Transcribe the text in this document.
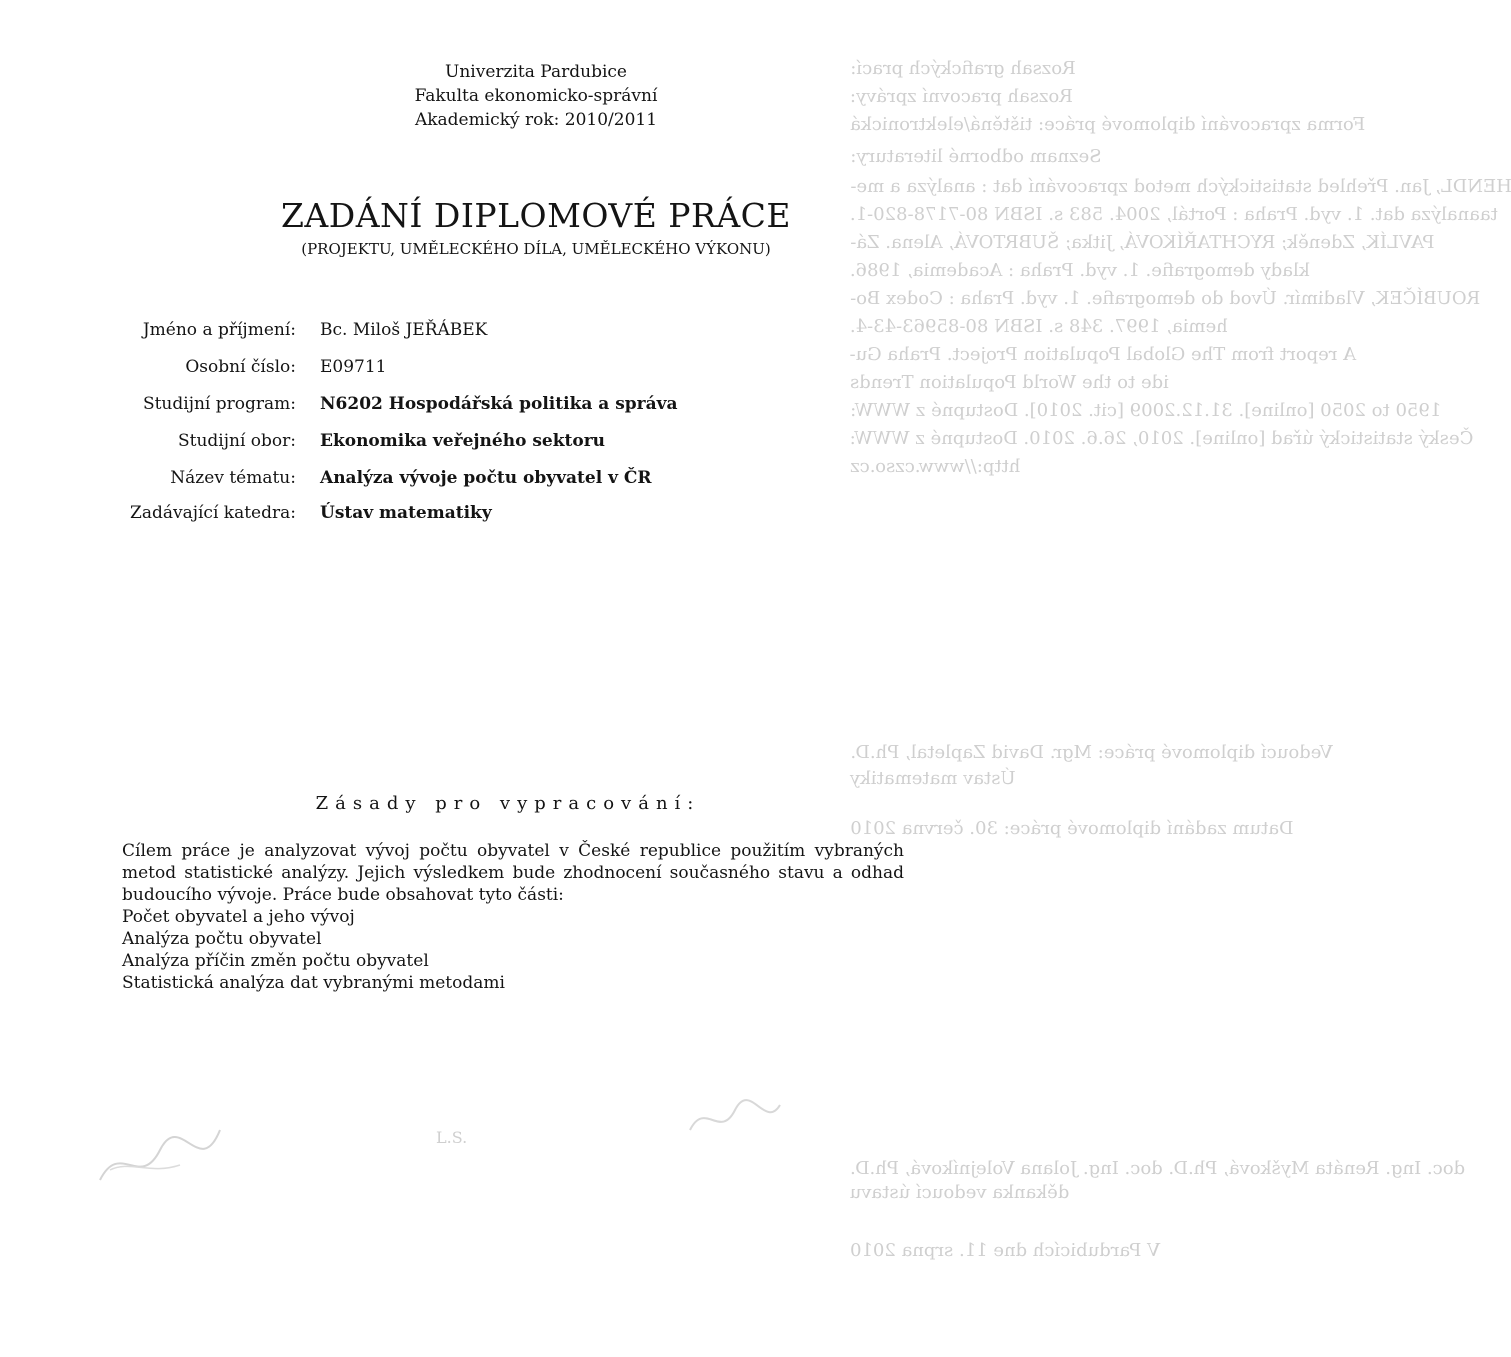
Rozsah grafických prací:
Rozsah pracovní zprávy:
Forma zpracování diplomové práce: tištěná/elektronická
Seznam odborné literatury:
HENDL, Jan. Přehled statistických metod zpracování dat : analýza a me-
taanalýza dat. 1. vyd. Praha : Portál, 2004. 583 s. ISBN 80-7178-820-1.
PAVLÍK, Zdeněk; RYCHTAŘÍKOVÁ, Jitka; ŠUBRTOVÁ, Alena. Zá-
klady demografie. 1. vyd. Praha : Academia, 1986.
ROUBÍČEK, Vladimír. Úvod do demografie. 1. vyd. Praha : Codex Bo-
hemia, 1997. 348 s. ISBN 80-85963-43-4.
A report from The Global Population Project. Praha Gu-
ide to the World Population Trends
1950 to 2050 [online]. 31.12.2009 [cit. 2010]. Dostupné z WWW:
Český statistický úřad [online]. 2010, 26.6. 2010. Dostupné z WWW:
http://www.czso.cz
Vedoucí diplomové práce: Mgr. David Zapletal, Ph.D.
Ústav matematiky
Datum zadání diplomové práce: 30. června 2010
doc. Ing. Renáta Myšková, Ph.D. doc. Ing. Jolana Volejníková, Ph.D.
děkanka vedoucí ústavu
V Pardubicích dne 11. srpna 2010
Univerzita Pardubice
Fakulta ekonomicko-správní
Akademický rok: 2010/2011
ZADÁNÍ DIPLOMOVÉ PRÁCE
(PROJEKTU, UMĚLECKÉHO DÍLA, UMĚLECKÉHO VÝKONU)
Jméno a příjmení: Bc. Miloš JEŘÁBEK
Osobní číslo: E09711
Studijní program: N6202 Hospodářská politika a správa
Studijní obor: Ekonomika veřejného sektoru
Název tématu: Analýza vývoje počtu obyvatel v ČR
Zadávající katedra: Ústav matematiky
Zásady pro vypracování:
Cílem práce je analyzovat vývoj počtu obyvatel v České republice použitím vybraných metod statistické analýzy. Jejich výsledkem bude zhodnocení současného stavu a odhad budoucího vývoje. Práce bude obsahovat tyto části:
Počet obyvatel a jeho vývoj
Analýza počtu obyvatel
Analýza příčin změn počtu obyvatel
Statistická analýza dat vybranými metodami
L.S.
